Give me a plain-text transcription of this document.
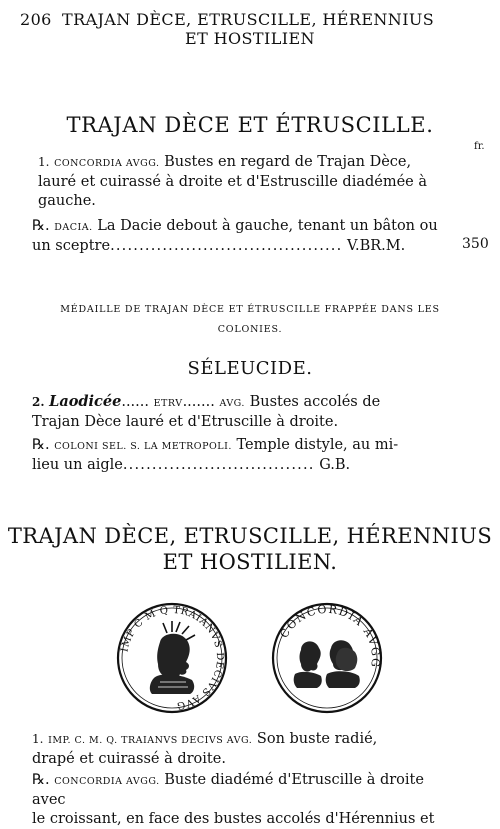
206 TRAJAN DÈCE, ETRUSCILLE, HÉRENNIUS
ET HOSTILIEN
TRAJAN DÈCE ET ÉTRUSCILLE.
fr.
1. CONCORDIA AVGG. Bustes en regard de Trajan Dèce,
lauré et cuirassé à droite et d'Estruscille diadémée à
gauche.
℞. DACIA. La Dacie debout à gauche, tenant un bâton ou
un sceptre........................................ V.BR.M.	350
MÉDAILLE DE TRAJAN DÈCE ET ÉTRUSCILLE FRAPPÉE DANS LES
COLONIES.
SÉLEUCIDE.
2. Laodicée...... ETRV....... AVG. Bustes accolés de
Trajan Dèce lauré et d'Etruscille à droite.
℞. COLONI SEL. S. LA METROPOLI. Temple distyle, au mi-
lieu un aigle................................. G.B.
TRAJAN DÈCE, ETRUSCILLE, HÉRENNIUS
ET HOSTILIEN.
IMP C M Q TRAIANVS DECIVS AVG
CONCORDIA AVGG
1. IMP. C. M. Q. TRAIANVS DECIVS AVG. Son buste radié,
drapé et cuirassé à droite.
℞. CONCORDIA AVGG. Buste diadémé d'Etruscille à droite avec
le croissant, en face des bustes accolés d'Hérennius et
